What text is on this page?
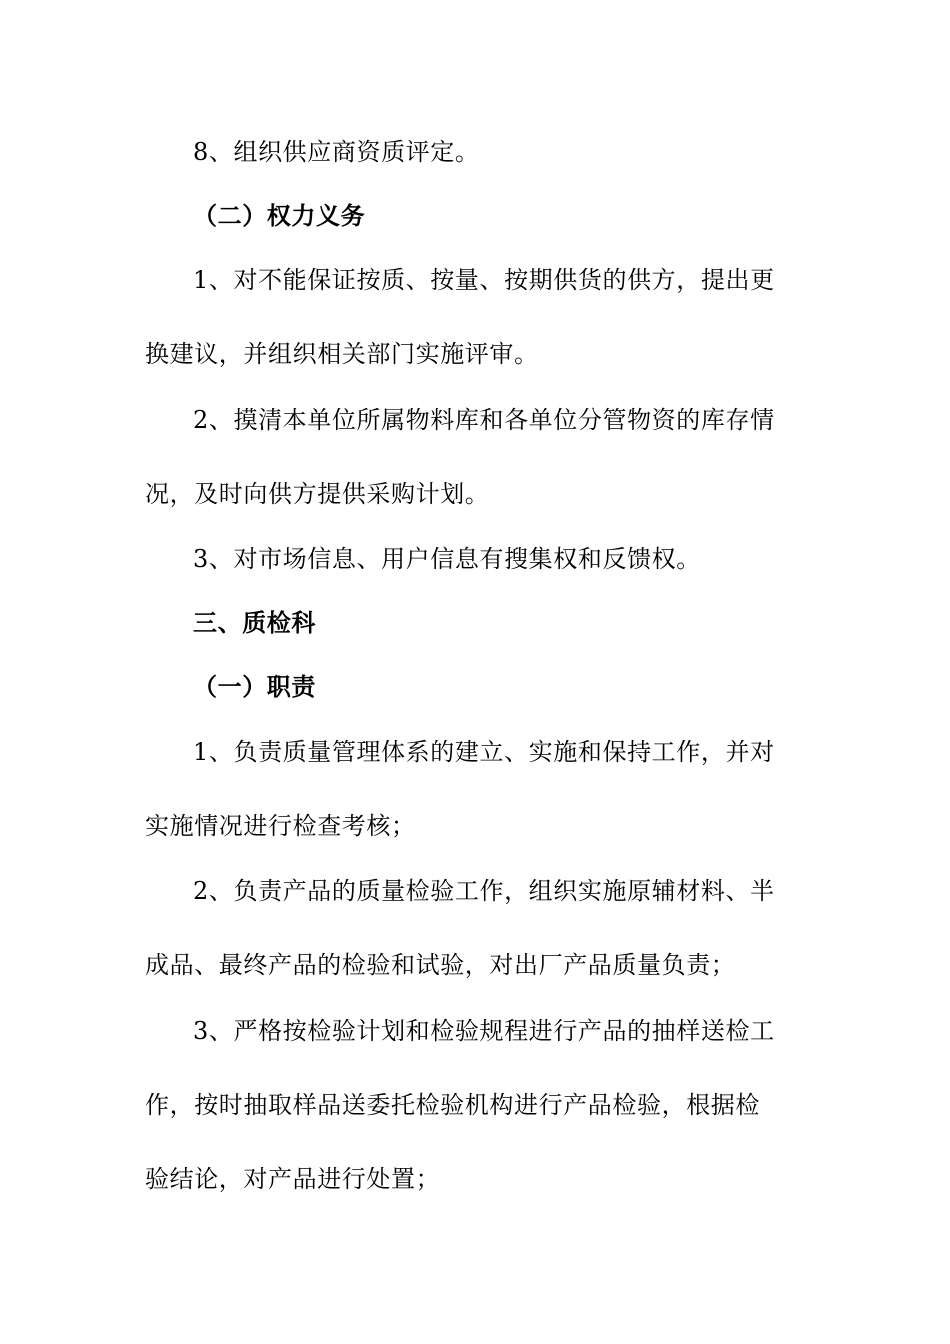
8、组织供应商资质评定。
（二）权力义务
1、对不能保证按质、按量、按期供货的供方，提出更
换建议，并组织相关部门实施评审。
2、摸清本单位所属物料库和各单位分管物资的库存情
况，及时向供方提供采购计划。
3、对市场信息、用户信息有搜集权和反馈权。
三、质检科
（一）职责
1、负责质量管理体系的建立、实施和保持工作，并对
实施情况进行检查考核；
2、负责产品的质量检验工作，组织实施原辅材料、半
成品、最终产品的检验和试验，对出厂产品质量负责；
3、严格按检验计划和检验规程进行产品的抽样送检工
作，按时抽取样品送委托检验机构进行产品检验，根据检
验结论，对产品进行处置；
